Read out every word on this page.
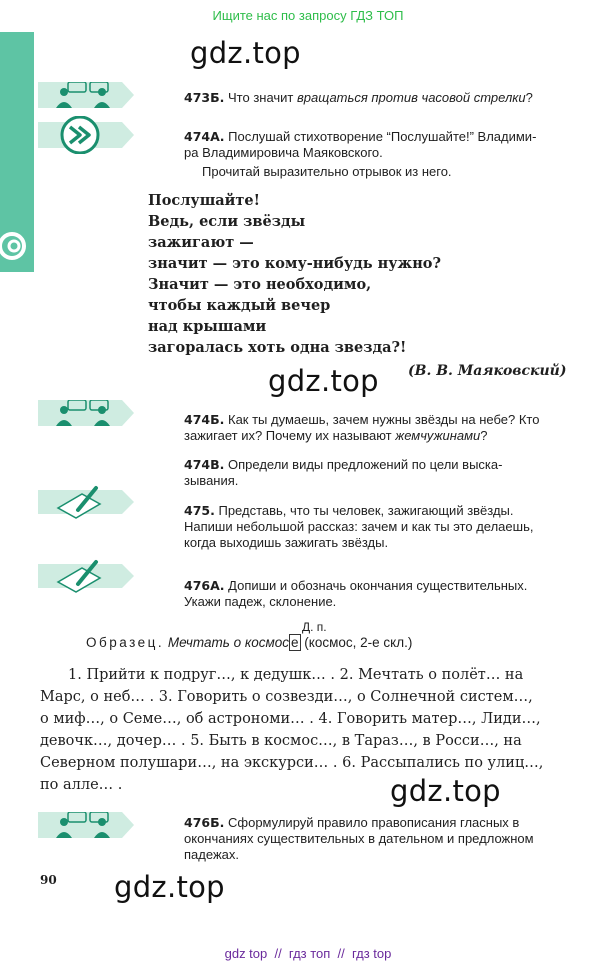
Ищите нас по запросу ГДЗ ТОП
gdz.top
gdz.top
gdz.top
gdz.top
473Б. Что значит вращаться против часовой стрелки?
474А. Послушай стихотворение “Послушайте!” Владими-
ра Владимировича Маяковского.
Прочитай выразительно отрывок из него.
Послушайте!
Ведь, если звёзды
зажигают —
значит — это кому-нибудь нужно?
Значит — это необходимо,
чтобы каждый вечер
над крышами
загоралась хоть одна звезда?!
(В. В. Маяковский)
474Б. Как ты думаешь, зачем нужны звёзды на небе? Кто
зажигает их? Почему их называют жемчужинами?
474В. Определи виды предложений по цели выска-
зывания.
475. Представь, что ты человек, зажигающий звёзды.
Напиши небольшой рассказ: зачем и как ты это делаешь,
когда выходишь зажигать звёзды.
476А. Допиши и обозначь окончания существительных.
Укажи падеж, склонение.
Д. п.
Образец. Мечтать о космос е (космос, 2-е скл.)
1. Прийти к подруг…, к дедушк… . 2. Мечтать о полёт… на
Марс, о неб… . 3. Говорить о созвезди…, о Солнечной систем…,
о миф…, о Семе…, об астрономи… . 4. Говорить матер…, Лиди…,
девочк…, дочер… . 5. Быть в космос…, в Тараз…, в Росси…, на
Северном полушари…, на экскурси… . 6. Рассыпались по улиц…,
по алле… .
476Б. Сформулируй правило правописания гласных в
окончаниях существительных в дательном и предложном
падежах.
90
gdz top  //  гдз топ  //  гдз top
